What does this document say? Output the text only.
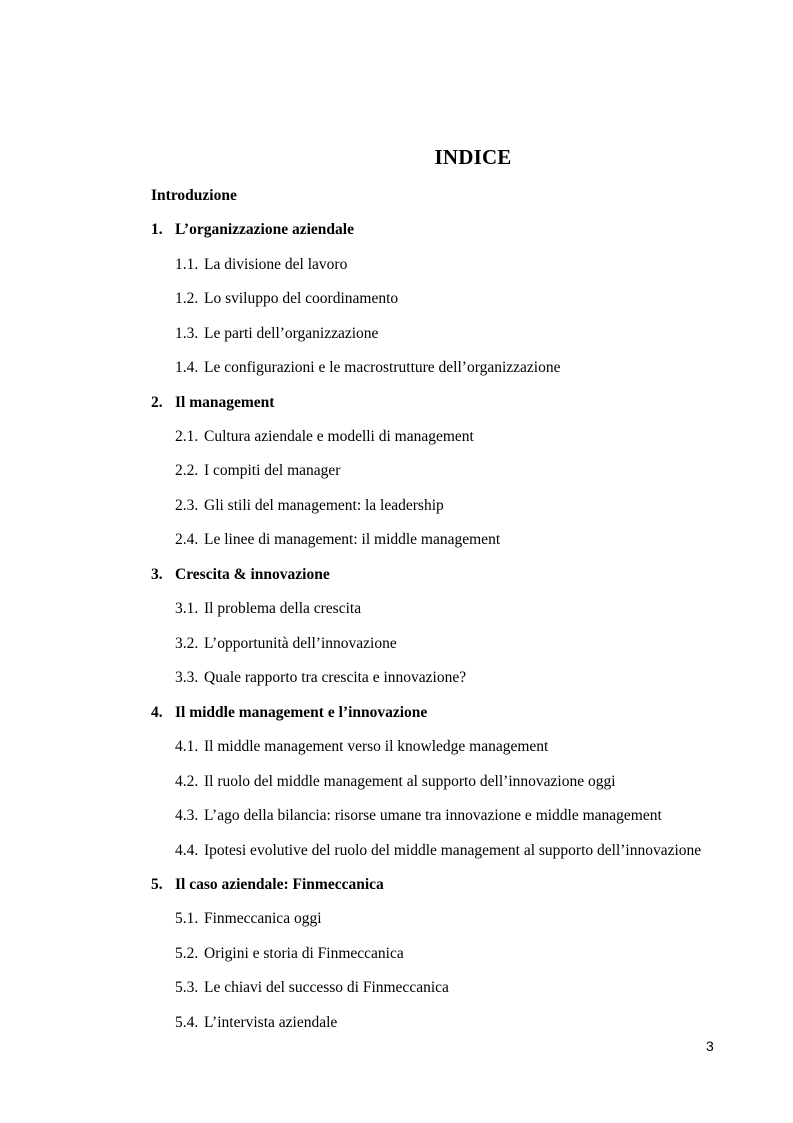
INDICE
Introduzione
1. L’organizzazione aziendale
1.1. La divisione del lavoro
1.2. Lo sviluppo del coordinamento
1.3. Le parti dell’organizzazione
1.4. Le configurazioni e le macrostrutture dell’organizzazione
2. Il management
2.1. Cultura aziendale e modelli di management
2.2. I compiti del manager
2.3. Gli stili del management: la leadership
2.4. Le linee di management: il middle management
3. Crescita & innovazione
3.1. Il problema della crescita
3.2. L’opportunità dell’innovazione
3.3. Quale rapporto tra crescita e innovazione?
4. Il middle management e l’innovazione
4.1. Il middle management verso il knowledge management
4.2. Il ruolo del middle management al supporto dell’innovazione oggi
4.3. L’ago della bilancia: risorse umane tra innovazione e middle management
4.4. Ipotesi evolutive del ruolo del middle management al supporto dell’innovazione
5. Il caso aziendale: Finmeccanica
5.1. Finmeccanica oggi
5.2. Origini e storia di Finmeccanica
5.3. Le chiavi del successo di Finmeccanica
5.4. L’intervista aziendale
3
